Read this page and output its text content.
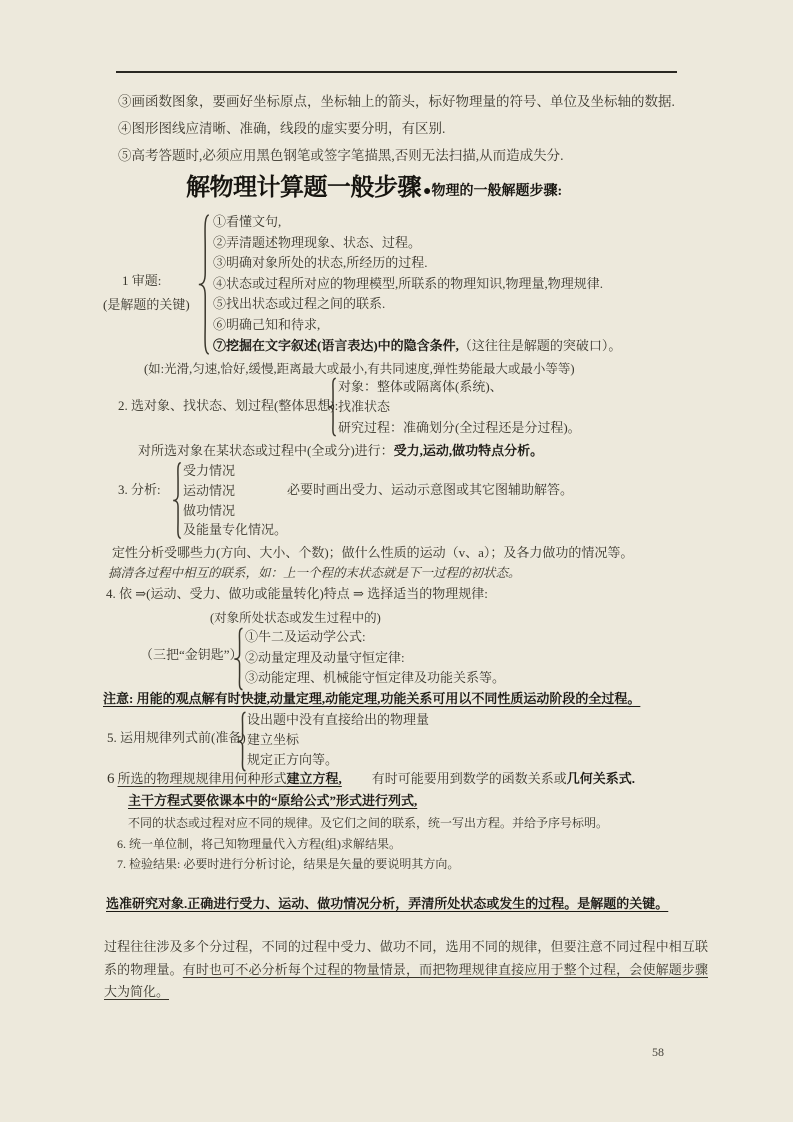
③画函数图象，要画好坐标原点，坐标轴上的箭头，标好物理量的符号、单位及坐标轴的数据.
④图形图线应清晰、准确，线段的虚实要分明，有区别.
⑤高考答题时,必须应用黑色钢笔或签字笔描黑,否则无法扫描,从而造成失分.
解物理计算题一般步骤 ●物理的一般解题步骤:
1 审题:
(是解题的关键)
①看懂文句,
②弄清题述物理现象、状态、过程。
③明确对象所处的状态,所经历的过程.
④状态或过程所对应的物理模型,所联系的物理知识,物理量,物理规律.
⑤找出状态或过程之间的联系.
⑥明确己知和待求,
⑦挖掘在文字叙述(语言表达)中的隐含条件,（这往往是解题的突破口）。
(如:光滑,匀速,恰好,缓慢,距离最大或最小,有共同速度,弹性势能最大或最小等等)
2. 选对象、找状态、划过程(整体思想):
对象：整体或隔离体(系统)、
找准状态
研究过程：准确划分(全过程还是分过程)。
对所选对象在某状态或过程中(全或分)进行：受力,运动,做功特点分析。
3. 分析:
受力情况
运动情况
做功情况
及能量专化情况。
必要时画出受力、运动示意图或其它图辅助解答。
定性分析受哪些力(方向、大小、个数)；做什么性质的运动（v、a）；及各力做功的情况等。
搞清各过程中相互的联系，如：上一个程的末状态就是下一过程的初状态。
4. 依 ⇒(运动、受力、做功或能量转化)特点 ⇒ 选择适当的物理规律:
(对象所处状态或发生过程中的)
（三把“金钥匙”）
①牛二及运动学公式:
②动量定理及动量守恒定律:
③动能定理、机械能守恒定律及功能关系等。
注意: 用能的观点解有时快捷,动量定理,动能定理,功能关系可用以不同性质运动阶段的全过程。
5. 运用规律列式前(准备)
设出题中没有直接给出的物理量
建立坐标
规定正方向等。
6 所选的物理规规律用何种形式建立方程, 有时可能要用到数学的函数关系或几何关系式.
主干方程式要依课本中的“原给公式”形式进行列式,
不同的状态或过程对应不同的规律。及它们之间的联系，统一写出方程。并给予序号标明。
6. 统一单位制，将己知物理量代入方程(组)求解结果。
7. 检验结果: 必要时进行分析讨论，结果是矢量的要说明其方向。
选准研究对象.正确进行受力、运动、做功情况分析，弄清所处状态或发生的过程。是解题的关键。
过程往往涉及多个分过程，不同的过程中受力、做功不同，选用不同的规律，但要注意不同过程中相互联系的物理量。有时也可不必分析每个过程的物量情景，而把物理规律直接应用于整个过程，会使解题步骤大为简化。
58
